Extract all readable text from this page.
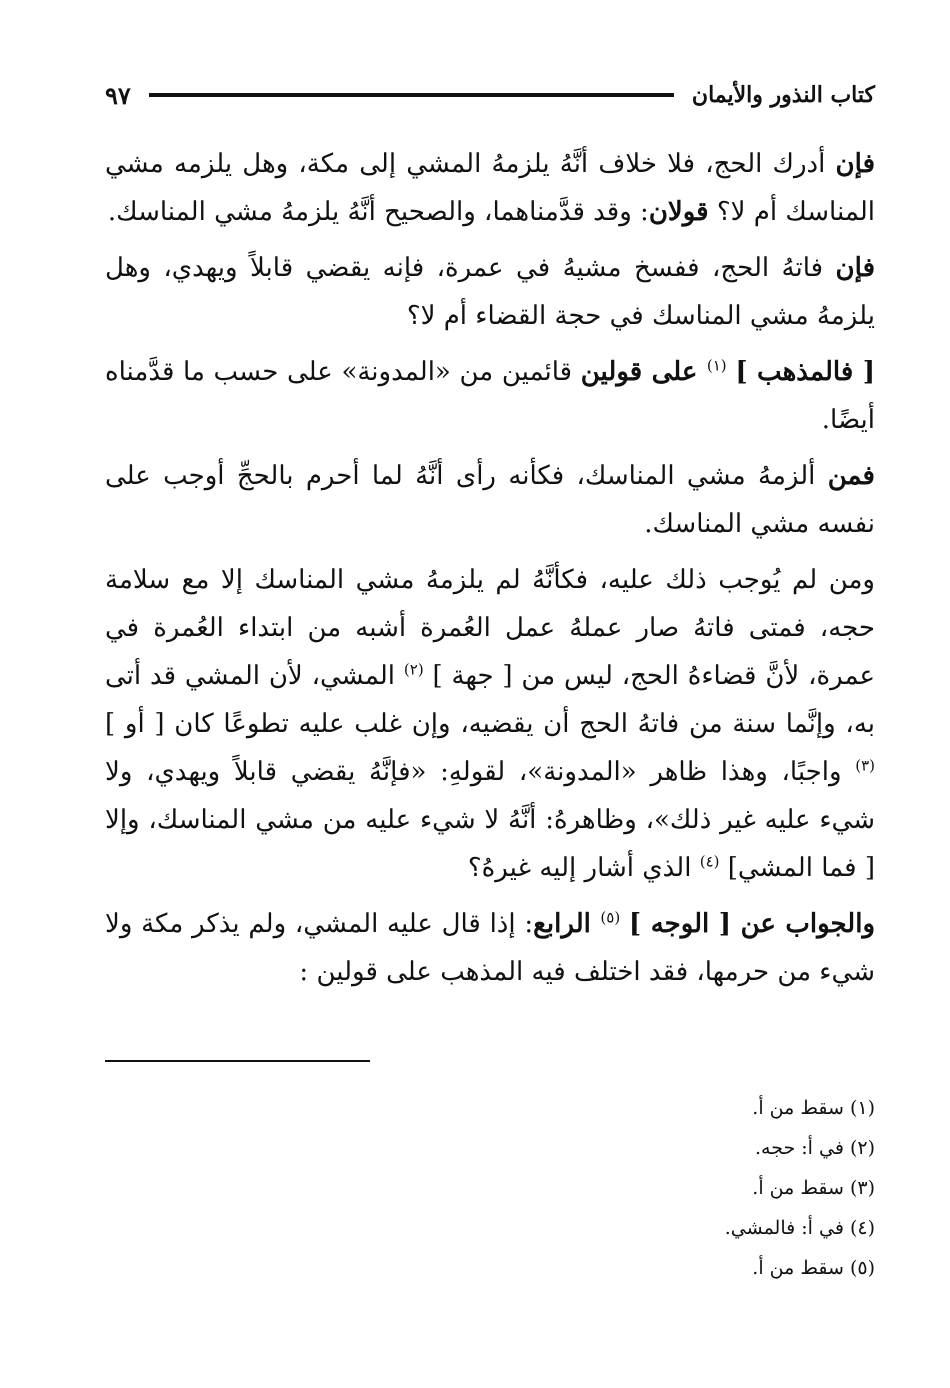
كتاب النذور والأيمان
٩٧

فإن أدرك الحج، فلا خلاف أنَّهُ يلزمهُ المشي إلى مكة، وهل يلزمه مشي المناسك أم لا؟ قولان: وقد قدَّمناهما، والصحيح أنَّهُ يلزمهُ مشي المناسك.

فإن فاتهُ الحج، ففسخ مشيهُ في عمرة، فإنه يقضي قابلاً ويهدي، وهل يلزمهُ مشي المناسك في حجة القضاء أم لا؟

[ فالمذهب ] $^{(١)}$ على قولين قائمين من «المدونة» على حسب ما قدَّمناه أيضًا.

فمن ألزمهُ مشي المناسك، فكأنه رأى أنَّهُ لما أحرم بالحجِّ أوجب على نفسه مشي المناسك.

ومن لم يُوجب ذلك عليه، فكأنَّهُ لم يلزمهُ مشي المناسك إلا مع سلامة حجه، فمتى فاتهُ صار عملهُ عمل العُمرة أشبه من ابتداء العُمرة في عمرة، لأنَّ قضاءهُ الحج، ليس من [ جهة ] $^{(٢)}$ المشي، لأن المشي قد أتى به، وإنَّما سنة من فاتهُ الحج أن يقضيه، وإن غلب عليه تطوعًا كان [ أو ] $^{(٣)}$ واجبًا، وهذا ظاهر «المدونة»، لقولهِ: «فإنَّهُ يقضي قابلاً ويهدي، ولا شيء عليه غير ذلك»، وظاهرهُ: أنَّهُ لا شيء عليه من مشي المناسك، وإلا [ فما المشي] $^{(٤)}$ الذي أشار إليه غيرهُ؟

والجواب عن [ الوجه ] $^{(٥)}$ الرابع: إذا قال عليه المشي، ولم يذكر مكة ولا شيء من حرمها، فقد اختلف فيه المذهب على قولين :

(١) سقط من أ.

(٢) في أ: حجه.

(٣) سقط من أ.

(٤) في أ: فالمشي.

(٥) سقط من أ.
